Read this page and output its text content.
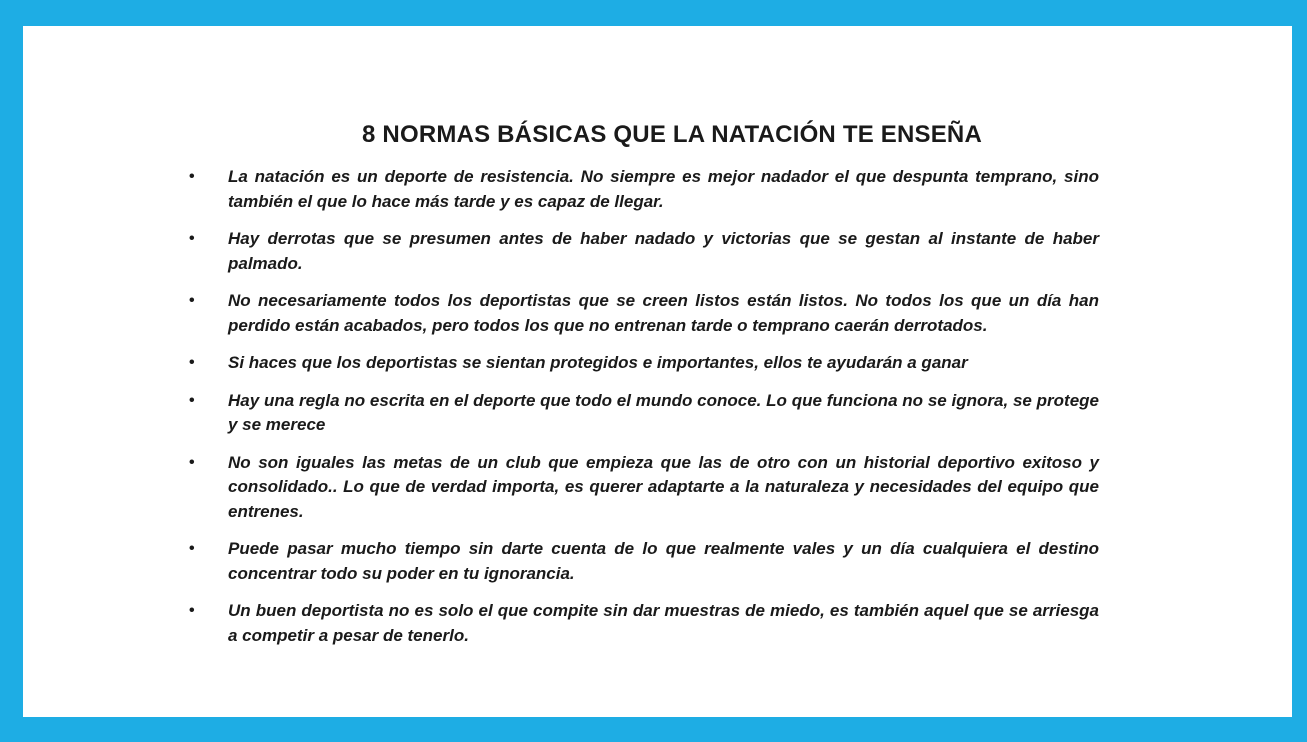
8 NORMAS BÁSICAS QUE LA NATACIÓN TE ENSEÑA
• La natación es un deporte de resistencia. No siempre es mejor nadador el que despunta temprano, sino también el que lo hace más tarde y es capaz de llegar.
• Hay derrotas que se presumen antes de haber nadado y victorias que se gestan al instante de haber palmado.
• No necesariamente todos los deportistas que se creen listos están listos. No todos los que un día han perdido están acabados, pero todos los que no entrenan tarde o temprano caerán derrotados.
• Si haces que los deportistas se sientan protegidos e importantes, ellos te ayudarán a ganar
• Hay una regla no escrita en el deporte que todo el mundo conoce. Lo que funciona no se ignora, se protege y se merece
• No son iguales las metas de un club que empieza que las de otro con un historial deportivo exitoso y consolidado.. Lo que de verdad importa, es querer adaptarte a la naturaleza y necesidades del equipo que entrenes.
• Puede pasar mucho tiempo sin darte cuenta de lo que realmente vales y un día cualquiera el destino concentrar todo su poder en tu ignorancia.
• Un buen deportista no es solo el que compite sin dar muestras de miedo, es también aquel que se arriesga a competir a pesar de tenerlo.
